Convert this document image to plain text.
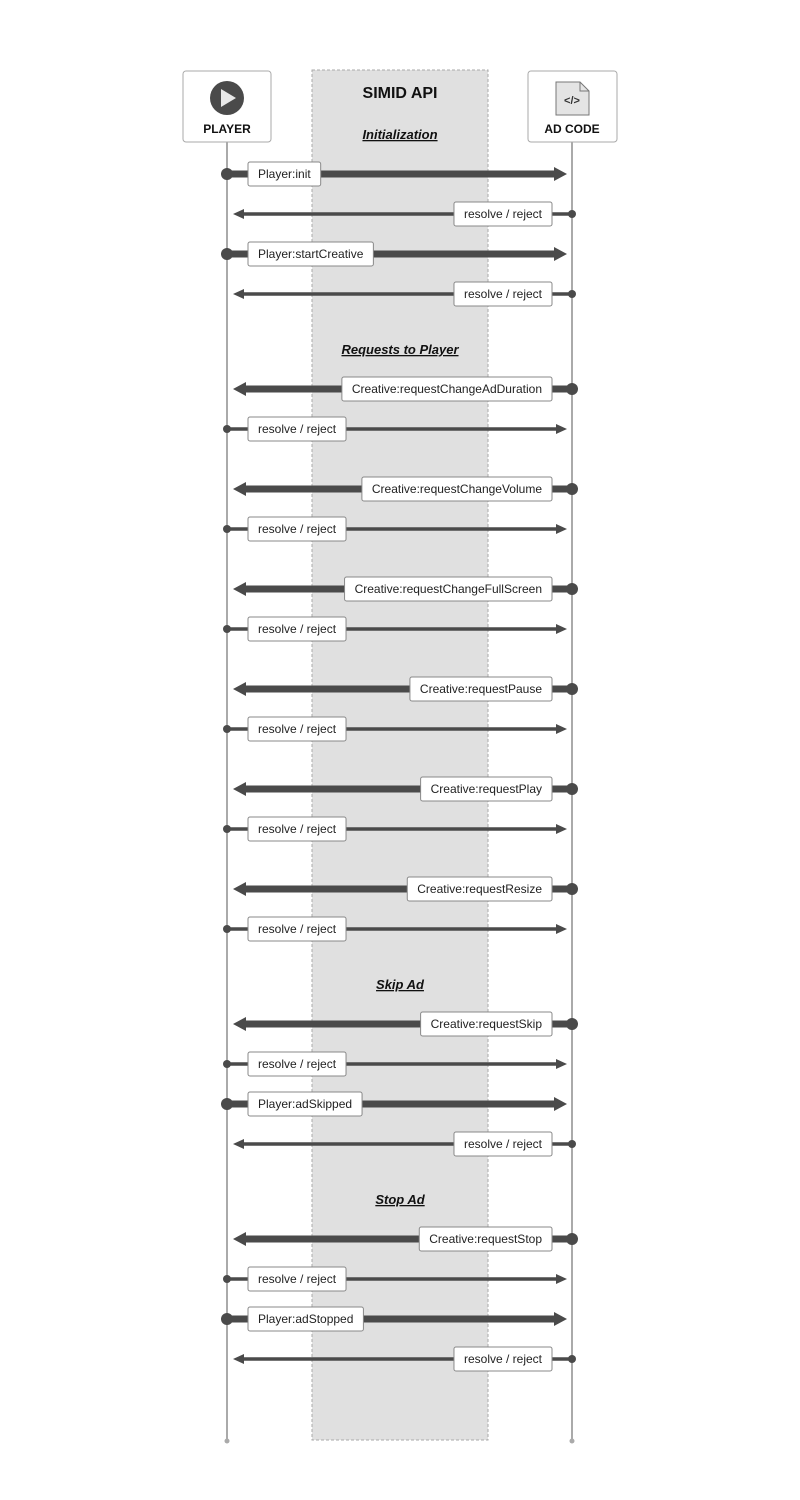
SIMID API
PLAYER
</>
AD CODE
Initialization
Player:init
resolve / reject
Player:startCreative
resolve / reject
Requests to Player
Creative:requestChangeAdDuration
resolve / reject
Creative:requestChangeVolume
resolve / reject
Creative:requestChangeFullScreen
resolve / reject
Creative:requestPause
resolve / reject
Creative:requestPlay
resolve / reject
Creative:requestResize
resolve / reject
Skip Ad
Creative:requestSkip
resolve / reject
Player:adSkipped
resolve / reject
Stop Ad
Creative:requestStop
resolve / reject
Player:adStopped
resolve / reject
